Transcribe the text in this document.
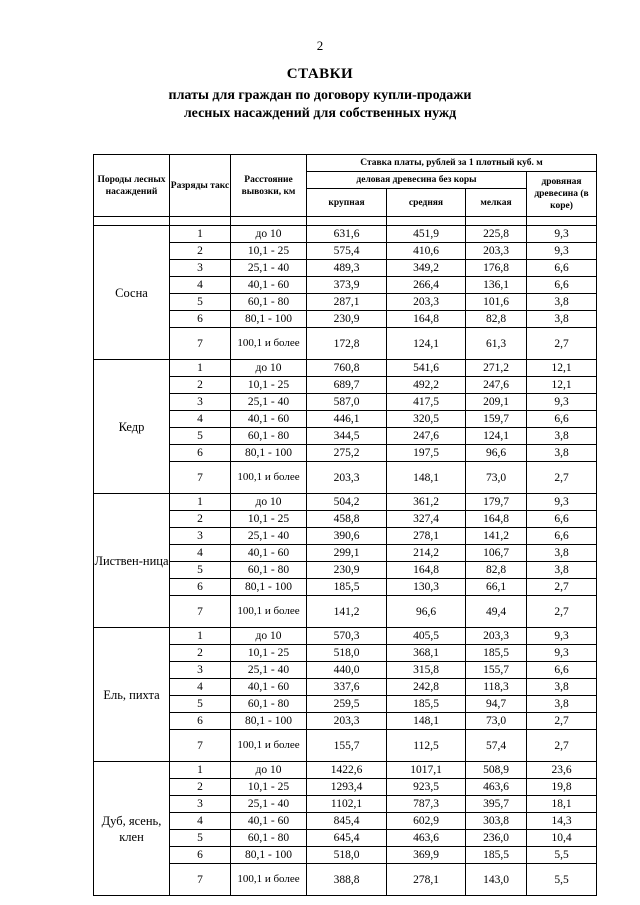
2
СТАВКИ
платы для граждан по договору купли-продажи
лесных насаждений для собственных нужд
Породы лесных насаждений	Разряды такс	Расстояние вывозки, км	Ставка платы, рублей за 1 плотный куб. м			
			деловая древесина без коры			дровяная древесина (в коре)
			крупная	средняя	мелкая	

Сосна	1	до 10	631,6	451,9	225,8	9,3
	2	10,1 - 25	575,4	410,6	203,3	9,3
	3	25,1 - 40	489,3	349,2	176,8	6,6
	4	40,1 - 60	373,9	266,4	136,1	6,6
	5	60,1 - 80	287,1	203,3	101,6	3,8
	6	80,1 - 100	230,9	164,8	82,8	3,8
	7	100,1 и более	172,8	124,1	61,3	2,7
Кедр	1	до 10	760,8	541,6	271,2	12,1
	2	10,1 - 25	689,7	492,2	247,6	12,1
	3	25,1 - 40	587,0	417,5	209,1	9,3
	4	40,1 - 60	446,1	320,5	159,7	6,6
	5	60,1 - 80	344,5	247,6	124,1	3,8
	6	80,1 - 100	275,2	197,5	96,6	3,8
	7	100,1 и более	203,3	148,1	73,0	2,7
Листвен-ница	1	до 10	504,2	361,2	179,7	9,3
	2	10,1 - 25	458,8	327,4	164,8	6,6
	3	25,1 - 40	390,6	278,1	141,2	6,6
	4	40,1 - 60	299,1	214,2	106,7	3,8
	5	60,1 - 80	230,9	164,8	82,8	3,8
	6	80,1 - 100	185,5	130,3	66,1	2,7
	7	100,1 и более	141,2	96,6	49,4	2,7
Ель, пихта	1	до 10	570,3	405,5	203,3	9,3
	2	10,1 - 25	518,0	368,1	185,5	9,3
	3	25,1 - 40	440,0	315,8	155,7	6,6
	4	40,1 - 60	337,6	242,8	118,3	3,8
	5	60,1 - 80	259,5	185,5	94,7	3,8
	6	80,1 - 100	203,3	148,1	73,0	2,7
	7	100,1 и более	155,7	112,5	57,4	2,7
Дуб, ясень, клен	1	до 10	1422,6	1017,1	508,9	23,6
	2	10,1 - 25	1293,4	923,5	463,6	19,8
	3	25,1 - 40	1102,1	787,3	395,7	18,1
	4	40,1 - 60	845,4	602,9	303,8	14,3
	5	60,1 - 80	645,4	463,6	236,0	10,4
	6	80,1 - 100	518,0	369,9	185,5	5,5
	7	100,1 и более	388,8	278,1	143,0	5,5
